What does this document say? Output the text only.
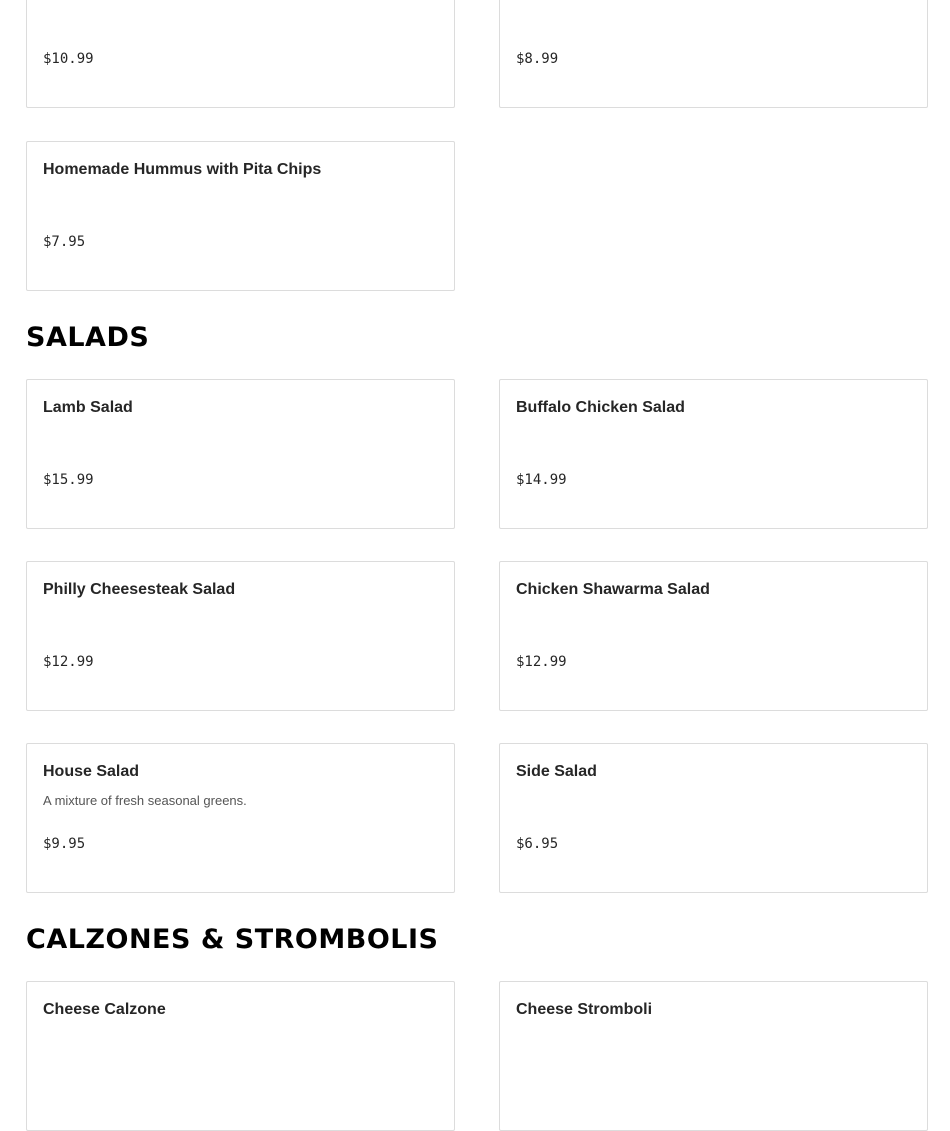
$10.99	$8.99
Homemade Hummus with Pita Chips
$7.95
SALADS
Lamb Salad
$15.99
Buffalo Chicken Salad
$14.99
Philly Cheesesteak Salad
$12.99
Chicken Shawarma Salad
$12.99
House Salad
A mixture of fresh seasonal greens.
$9.95
Side Salad
$6.95
CALZONES & STROMBOLIS
Cheese Calzone	Cheese Stromboli
